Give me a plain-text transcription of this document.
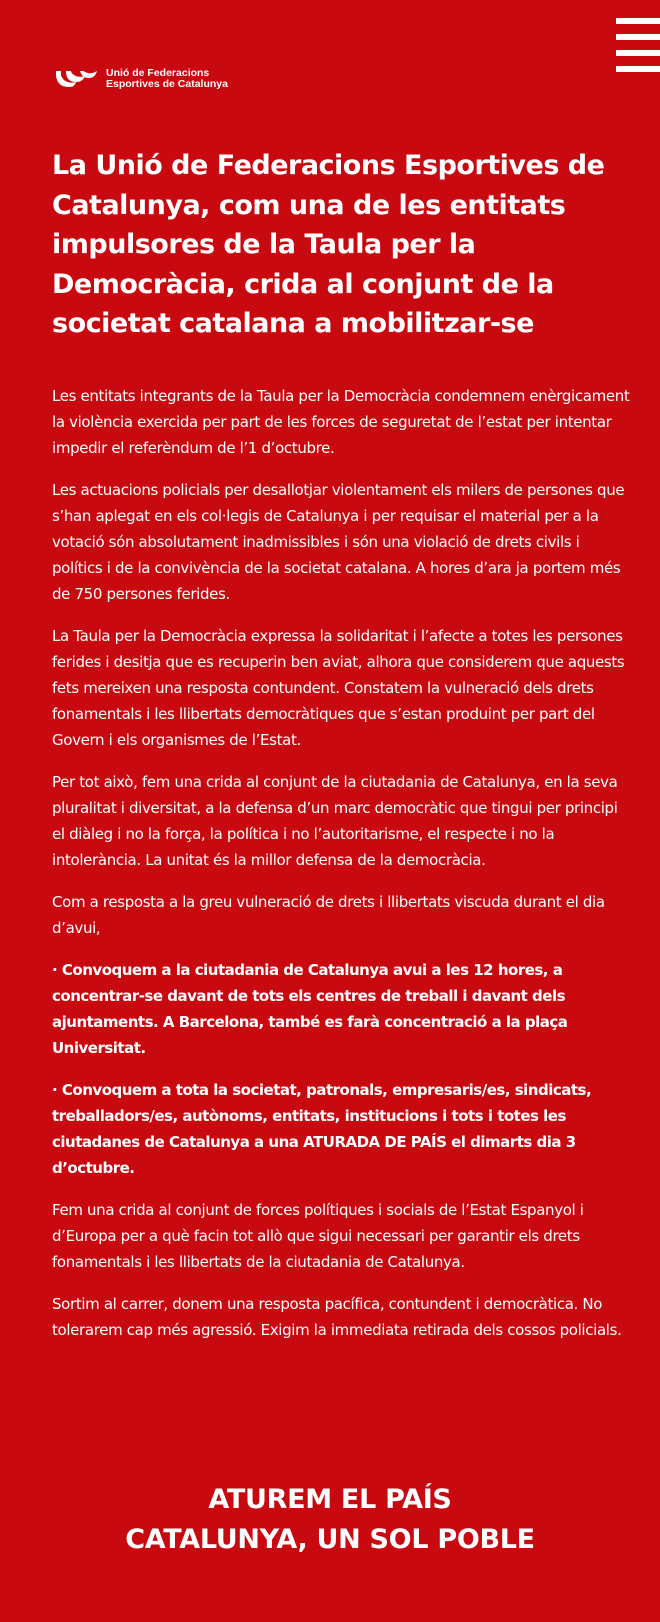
Unió de Federacions
Esportives de Catalunya
La Unió de Federacions Esportives de Catalunya, com una de les entitats impulsores de la Taula per la Democràcia, crida al conjunt de la societat catalana a mobilitzar-se

Les entitats integrants de la Taula per la Democràcia condemnem enèrgicament la violència exercida per part de les forces de seguretat de l’estat per intentar impedir el referèndum de l’1 d’octubre.

Les actuacions policials per desallotjar violentament els milers de persones que s’han aplegat en els col·legis de Catalunya i per requisar el material per a la votació són absolutament inadmissibles i són una violació de drets civils i polítics i de la convivència de la societat catalana. A hores d’ara ja portem més de 750 persones ferides.

La Taula per la Democràcia expressa la solidaritat i l’afecte a totes les persones ferides i desitja que es recuperin ben aviat, alhora que considerem que aquests fets mereixen una resposta contundent. Constatem la vulneració dels drets fonamentals i les llibertats democràtiques que s’estan produint per part del Govern i els organismes de l’Estat.

Per tot això, fem una crida al conjunt de la ciutadania de Catalunya, en la seva pluralitat i diversitat, a la defensa d’un marc democràtic que tingui per principi el diàleg i no la força, la política i no l’autoritarisme, el respecte i no la intolerància. La unitat és la millor defensa de la democràcia.

Com a resposta a la greu vulneració de drets i llibertats viscuda durant el dia d’avui,

· Convoquem a la ciutadania de Catalunya avui a les 12 hores, a concentrar-se davant de tots els centres de treball i davant dels ajuntaments. A Barcelona, també es farà concentració a la plaça Universitat.

· Convoquem a tota la societat, patronals, empresaris/es, sindicats, treballadors/es, autònoms, entitats, institucions i tots i totes les ciutadanes de Catalunya a una ATURADA DE PAÍS el dimarts dia 3 d’octubre.

Fem una crida al conjunt de forces polítiques i socials de l’Estat Espanyol i d’Europa per a què facin tot allò que sigui necessari per garantir els drets fonamentals i les llibertats de la ciutadania de Catalunya.

Sortim al carrer, donem una resposta pacífica, contundent i democràtica. No tolerarem cap més agressió. Exigim la immediata retirada dels cossos policials.

ATUREM EL PAÍS
CATALUNYA, UN SOL POBLE
